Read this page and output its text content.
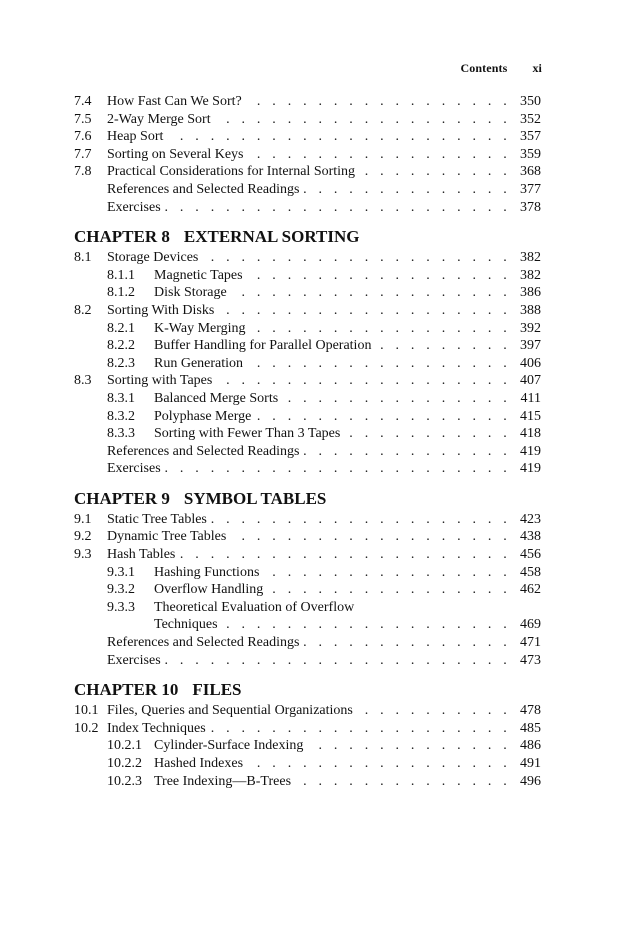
Contents xi
7.4	How Fast Can We Sort? . . .	350
7.5	2-Way Merge Sort . . .	352
7.6	Heap Sort . . .	357
7.7	Sorting on Several Keys . . .	359
7.8	Practical Considerations for Internal Sorting . . .	368
References and Selected Readings . . .	377
Exercises . . .	378
CHAPTER 8 EXTERNAL SORTING
8.1	Storage Devices . . .	382
8.1.1	Magnetic Tapes . . .	382
8.1.2	Disk Storage . . .	386
8.2	Sorting With Disks . . .	388
8.2.1	K-Way Merging . . .	392
8.2.2	Buffer Handling for Parallel Operation . . .	397
8.2.3	Run Generation . . .	406
8.3	Sorting with Tapes . . .	407
8.3.1	Balanced Merge Sorts . . .	411
8.3.2	Polyphase Merge . . .	415
8.3.3	Sorting with Fewer Than 3 Tapes . . .	418
References and Selected Readings . . .	419
Exercises . . .	419
CHAPTER 9 SYMBOL TABLES
9.1	Static Tree Tables . . .	423
9.2	Dynamic Tree Tables . . .	438
9.3	Hash Tables . . .	456
9.3.1	Hashing Functions . . .	458
9.3.2	Overflow Handling . . .	462
9.3.3	Theoretical Evaluation of Overflow
Techniques . . .	469
References and Selected Readings . . .	471
Exercises . . .	473
CHAPTER 10 FILES
10.1 Files, Queries and Sequential Organizations . . .	478
10.2 Index Techniques . . .	485
10.2.1 Cylinder-Surface Indexing . . .	486
10.2.2 Hashed Indexes . . .	491
10.2.3 Tree Indexing—B-Trees . . .	496
